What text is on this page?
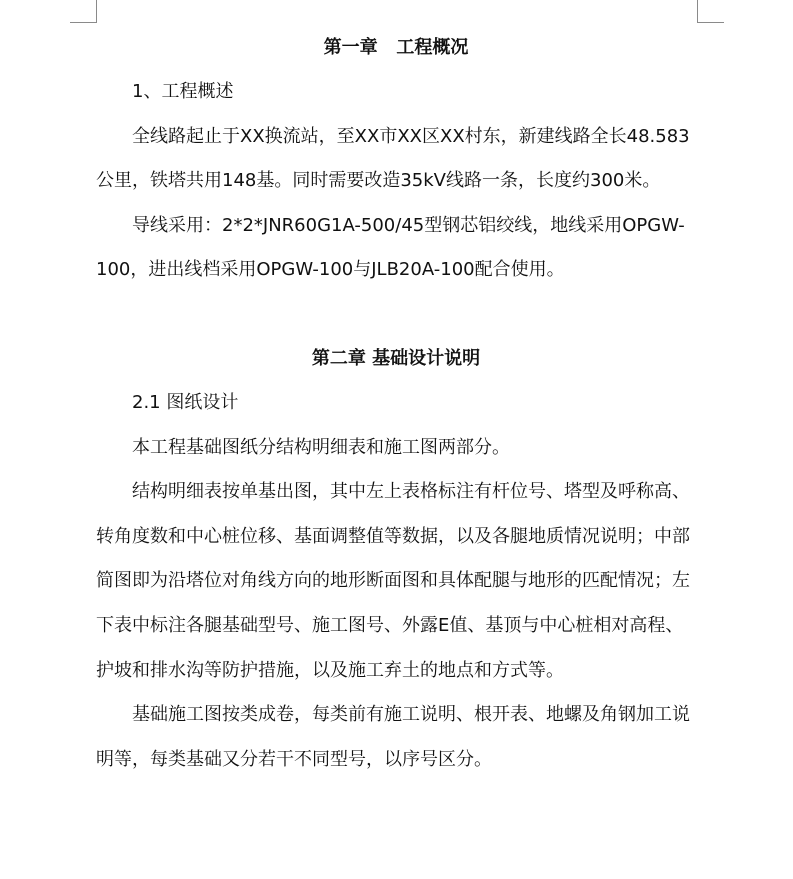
第一章   工程概况

1、工程概述

全线路起止于XX换流站，至XX市XX区XX村东，新建线路全长48.583公里，铁塔共用148基。同时需要改造35kV线路一条，长度约300米。

导线采用：2*2*JNR60G1A-500/45型钢芯铝绞线，地线采用OPGW-100，进出线档采用OPGW-100与JLB20A-100配合使用。

第二章 基础设计说明

2.1 图纸设计

本工程基础图纸分结构明细表和施工图两部分。

结构明细表按单基出图，其中左上表格标注有杆位号、塔型及呼称高、转角度数和中心桩位移、基面调整值等数据，以及各腿地质情况说明；中部简图即为沿塔位对角线方向的地形断面图和具体配腿与地形的匹配情况；左下表中标注各腿基础型号、施工图号、外露E值、基顶与中心桩相对高程、护坡和排水沟等防护措施，以及施工弃土的地点和方式等。

基础施工图按类成卷，每类前有施工说明、根开表、地螺及角钢加工说明等，每类基础又分若干不同型号，以序号区分。
